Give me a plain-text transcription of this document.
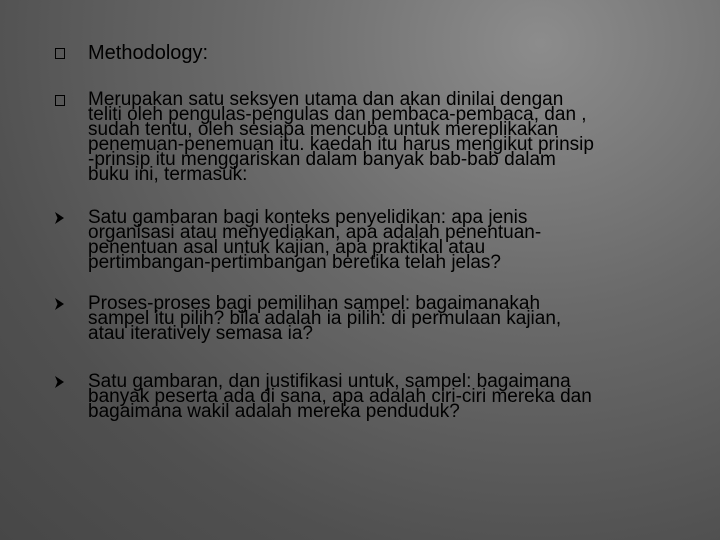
Methodology:
Merupakan satu seksyen utama dan akan dinilai dengan
teliti oleh pengulas-pengulas dan pembaca-pembaca, dan ,
sudah tentu, oleh sesiapa mencuba untuk mereplikakan
penemuan-penemuan itu. kaedah itu harus mengikut prinsip
-prinsip itu menggariskan dalam banyak bab-bab dalam
buku ini, termasuk:
Satu gambaran bagi konteks penyelidikan: apa jenis
organisasi atau menyediakan, apa adalah penentuan-
penentuan asal untuk kajian, apa praktikal atau
pertimbangan-pertimbangan beretika telah jelas?
Proses-proses bagi pemilihan sampel: bagaimanakah
sampel itu pilih? bila adalah ia pilih: di permulaan kajian,
atau iteratively semasa ia?
Satu gambaran, dan justifikasi untuk, sampel: bagaimana
banyak peserta ada di sana, apa adalah ciri-ciri mereka dan
bagaimana wakil adalah mereka penduduk?
